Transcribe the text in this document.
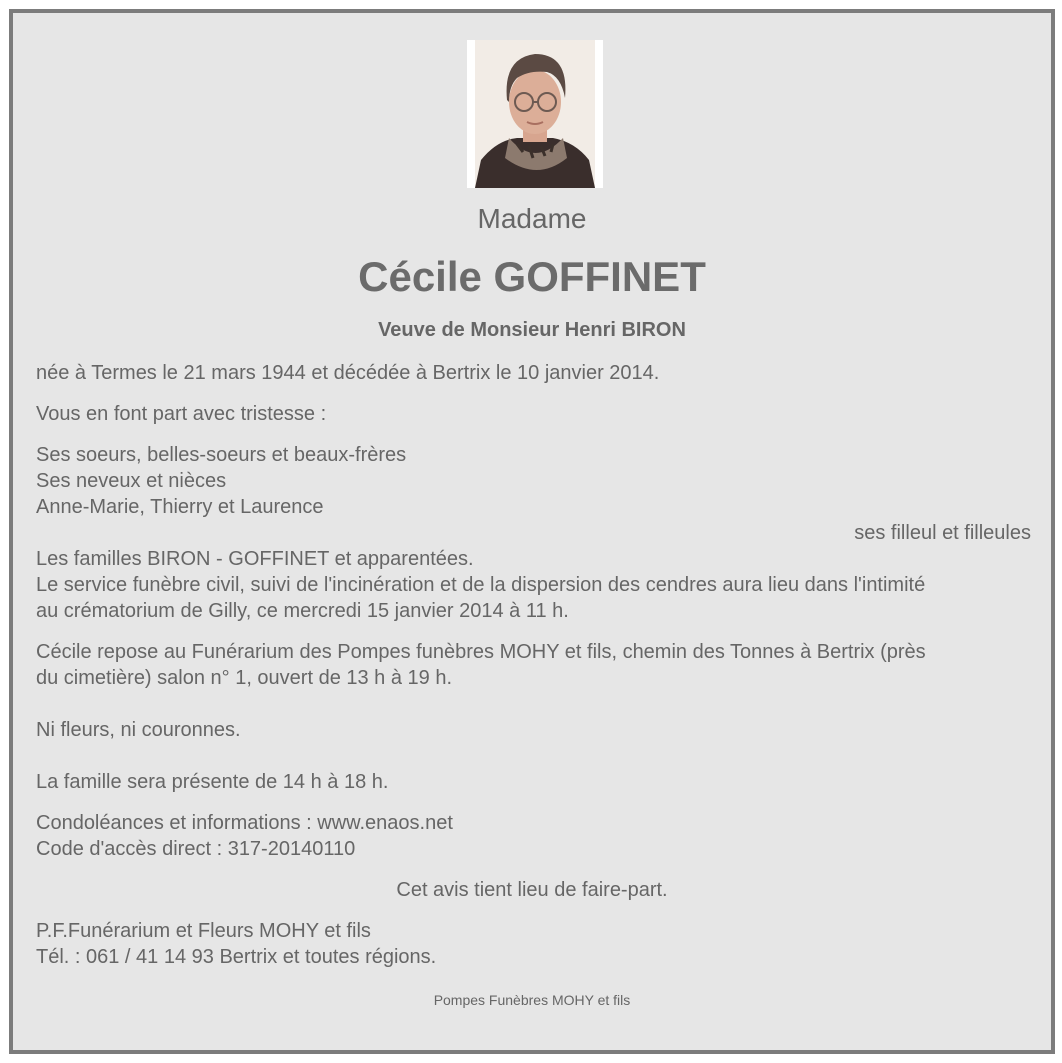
Madame
Cécile GOFFINET
Veuve de Monsieur Henri BIRON
née à Termes le 21 mars 1944 et décédée à Bertrix le 10 janvier 2014.
Vous en font part avec tristesse :
Ses soeurs, belles-soeurs et beaux-frères
Ses neveux et nièces
Anne-Marie, Thierry et Laurence
ses filleul et filleules
Les familles BIRON - GOFFINET et apparentées.
Le service funèbre civil, suivi de l'incinération et de la dispersion des cendres aura lieu dans l'intimité
au crématorium de Gilly, ce mercredi 15 janvier 2014 à 11 h.
Cécile repose au Funérarium des Pompes funèbres MOHY et fils, chemin des Tonnes à Bertrix (près
du cimetière) salon n° 1, ouvert de 13 h à 19 h.
Ni fleurs, ni couronnes.
La famille sera présente de 14 h à 18 h.
Condoléances et informations : www.enaos.net
Code d'accès direct : 317-20140110
Cet avis tient lieu de faire-part.
P.F.Funérarium et Fleurs MOHY et fils
Tél. : 061 / 41 14 93 Bertrix et toutes régions.
Pompes Funèbres MOHY et fils
